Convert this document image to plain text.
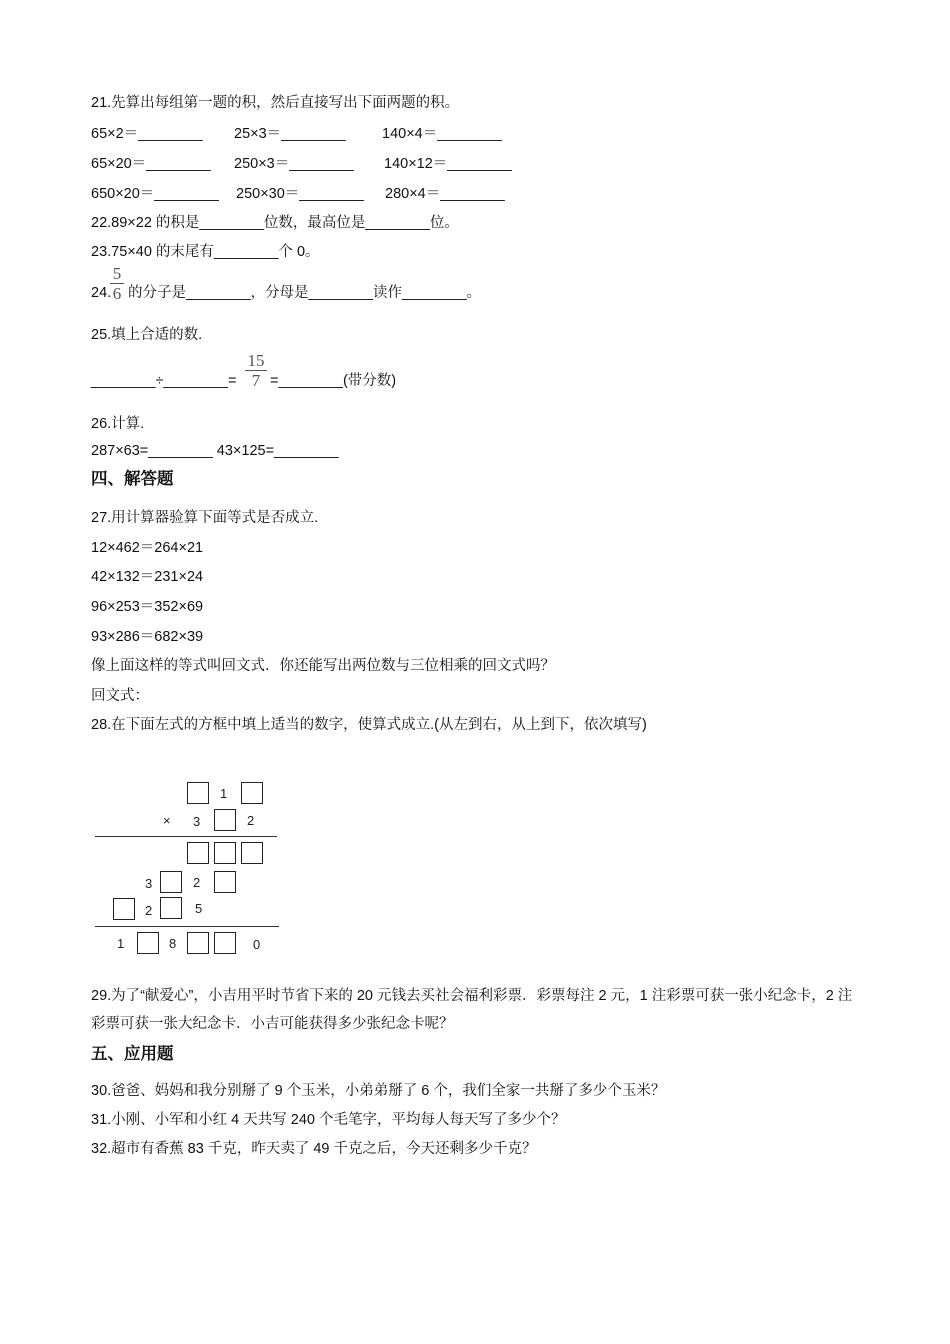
21.先算出每组第一题的积，然后直接写出下面两题的积。
65×2＝________ 25×3＝________	140×4＝________
65×20＝________ 250×3＝________ 140×12＝________
650×20＝________ 250×30＝________ 280×4＝________
22.89×22 的积是________位数，最高位是________位。
23.75×40 的末尾有________个 0。
24.
5
6 的分子是________，分母是________读作________。
25.填上合适的数.
________÷________=
15
7 =________(带分数)
26.计算.
287×63=________ 43×125=________
四、解答题
27.用计算器验算下面等式是否成立.
12×462＝264×21
42×132＝231×24
96×253＝352×69
93×286＝682×39
像上面这样的等式叫回文式．你还能写出两位数与三位相乘的回文式吗？
回文式：
28.在下面左式的方框中填上适当的数字，使算式成立.(从左到右，从上到下，依次填写)
1
× 3	2
3	2
2	5
1	8	0
29.为了“献爱心”，小吉用平时节省下来的 20 元钱去买社会福利彩票．彩票每注 2 元，1 注彩票可获一张小纪念卡，2 注彩票可获一张大纪念卡．小吉可能获得多少张纪念卡呢？
五、应用题
30.爸爸、妈妈和我分别掰了 9 个玉米，小弟弟掰了 6 个，我们全家一共掰了多少个玉米？
31.小刚、小军和小红 4 天共写 240 个毛笔字，平均每人每天写了多少个？
32.超市有香蕉 83 千克，昨天卖了 49 千克之后，今天还剩多少千克？
